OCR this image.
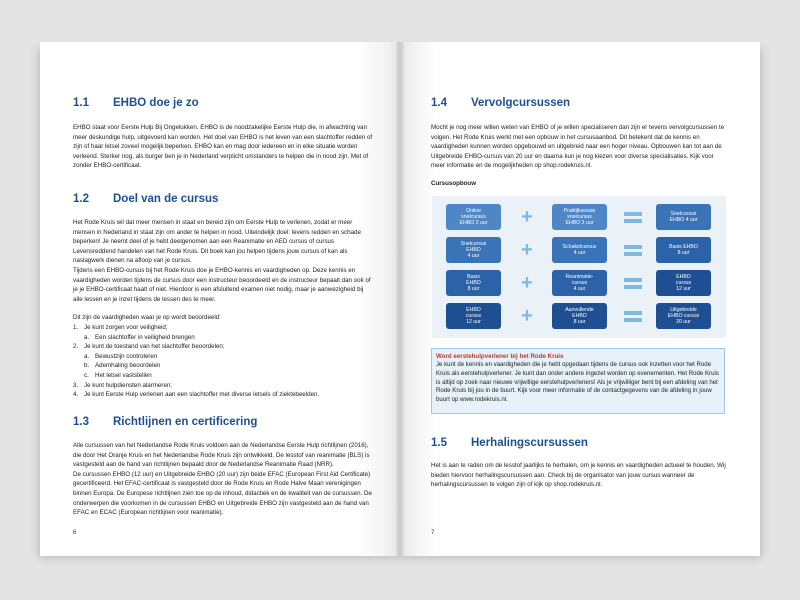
1.1 EHBO doe je zo
EHBO staat voor Eerste Hulp Bij Ongelukken. EHBO is de noodzakelijke Eerste Hulp die, in afwachting van meer deskundige hulp, uitgevoerd kan worden. Het doel van EHBO is het leven van een slachtoffer redden of zijn of haar letsel zoveel mogelijk beperken. EHBO kan en mag door iedereen en in elke situatie worden verleend. Sterker nog, als burger ben je in Nederland verplicht omstanders te helpen die in nood zijn. Met of zonder EHBO-certificaat.
1.2 Doel van de cursus

Het Rode Kruis wil dat meer mensen in staat en bereid zijn om Eerste Hulp te verlenen, zodat er meer mensen in Nederland in staat zijn om ander te helpen in nood. Uiteindelijk doel: levens redden en schade beperken! Je neemt deel of je hebt deelgenomen aan een Reanimatie en AED cursus of cursus Levensreddend handelen van het Rode Kruis. Dit boek kan jou helpen tijdens jouw cursus of kan als naslagwerk dienen na afloop van je cursus.

Tijdens een EHBO-cursus bij het Rode Kruis doe je EHBO-kennis en vaardigheden op. Deze kennis en vaardigheden worden tijdens de cursus door een instructeur beoordeeld en de instructeur bepaalt dan ook of je je EHBO-certificaat haalt of niet. Hierdoor is een afsluitend examen niet nodig, maar je aanwezigheid bij alle lessen en je inzet tijdens de lessen des te meer.

Dit zijn de vaardigheden waar je op wordt beoordeeld:

1. Je kunt zorgen voor veiligheid;
a. Een slachtoffer in veiligheid brengen
2. Je kunt de toestand van het slachtoffer beoordelen;
a. Bewustzijn controleren
b. Ademhaling beoordelen
c. Het letsel vaststellen
3. Je kunt hulpdiensten alarmeren;
4. Je kunt Eerste Hulp verlenen aan een slachtoffer met diverse letsels of ziektebeelden.
1.3 Richtlijnen en certificering

Alle cursussen van het Nederlandse Rode Kruis voldoen aan de Nederlandse Eerste Hulp richtlijnen (2016), die door Het Oranje Kruis en het Nederlandse Rode Kruis zijn ontwikkeld. De lesstof van reanimatie (BLS) is vastgesteld aan de hand van richtlijnen bepaald door de Nederlandse Reanimatie Raad (NRR).

De cursussen EHBO (12 uur) en Uitgebreide EHBO (20 uur) zijn beide EFAC (European First Aid Certificate) gecertificeerd. Het EFAC-certificaat is vastgesteld door de Rode Kruis en Rode Halve Maan verenigingen binnen Europa. De Europese richtlijnen zien toe op de inhoud, didactiek en de kwaliteit van de cursussen. De onderwerpen die voorkomen in de cursussen EHBO en Uitgebreide EHBO zijn vastgesteld aan de hand van EFAC en ECAC (European richtlijnen voor reanimatie).

6
1.4 Vervolgcursussen
Mocht je nog meer willen weten van EHBO of je willen specialiseren dan zijn er tevens vervolgcursussen te volgen. Het Rode Kruis werkt met een opbouw in het cursusaanbod. Dit betekent dat de kennis en vaardigheden kunnen worden opgebouwd en uitgebreid naar een hoger niveau. Opbouwen kan tot aan de Uitgebreide EHBO-cursus van 20 uur en daarna kun je nog kiezen voor diverse specialisaties. Kijk voor meer informatie en de mogelijkheden op shop.rodekruis.nl.
Cursusopbouw
Online
snelcursus
EHBO 2 uur
Praktijksessie
snelcursus
EHBO 2 uur
Snelcursus
EHBO 4 uur
+
Snelcursus
EHBO
4 uur
Schakelcursus
4 uur
Basis EHBO
8 uur
+
Basis
EHBO
8 uur
Reanimatie-
cursus
4 uur
EHBO
cursus
12 uur
+
EHBO
cursus
12 uur
Aanvullende
EHBO
8 uur
Uitgebreide
EHBO cursus
20 uur
+
Word eerstehulpverlener bij het Rode Kruis
Je kunt de kennis en vaardigheden die je hebt opgedaan tijdens de cursus ook inzetten voor het Rode Kruis als eerstehulpverlener. Je kunt dan onder andere ingezet worden op evenementen. Het Rode Kruis is altijd op zoek naar nieuwe vrijwillige eerstehulpverleners! Als je vrijwilliger bent bij een afdeling van het Rode Kruis bij jou in de buurt. Kijk voor meer informatie of de contactgegevens van de afdeling in jouw buurt op www.rodekruis.nl.
1.5 Herhalingscursussen
Het is aan te raden om de lesstof jaarlijks te herhalen, om je kennis en vaardigheden actueel te houden. Wij bieden hiervoor herhalingscursussen aan. Check bij de organisator van jouw cursus wanneer de herhalingscursussen te volgen zijn of kijk op shop.rodekruis.nl.
7
